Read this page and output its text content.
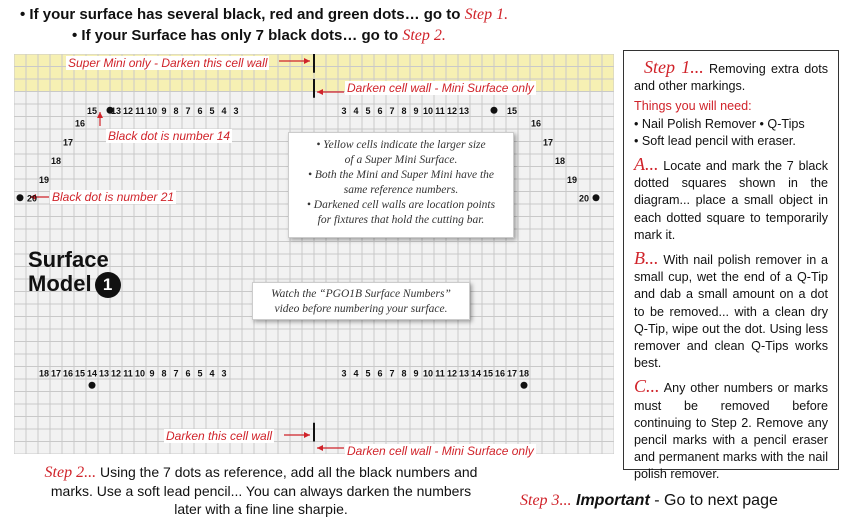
• If your surface has several black, red and green dots… go to Step 1.
• If your Surface has only 7 black dots… go to Step 2.
15 13 12 11 10 9 8 7 6 5 4 3	3 4 5 6 7 8 9 10 11 12 13	15
16
17
18
19
20
16
17
18
19
20
18 17 16 15 14 13 12 11 10 9 8 7 6 5 4 3	3 4 5 6 7 8 9 10 11 12 13 14 15 16 17 18
Super Mini only - Darken this cell wall
Darken cell wall - Mini Surface only
Black dot is number 14
Black dot is number 21
Darken this cell wall
Darken cell wall - Mini Surface only
• Yellow cells indicate the larger size
of a Super Mini Surface.
• Both the Mini and Super Mini have the
same reference numbers.
• Darkened cell walls are location points
for fixtures that hold the cutting bar.
Watch the “PGO1B Surface Numbers”
video before numbering your surface.
Surface
Model 1

Step 1... Removing extra dots and other markings.

Things you will need:

• Nail Polish Remover • Q-Tips

• Soft lead pencil with eraser.

A... Locate and mark the 7 black dotted squares shown in the diagram... place a small object in each dotted square to temporarily mark it.

B... With nail polish remover in a small cup, wet the end of a Q-Tip and dab a small amount on a dot to be removed... with a clean dry Q-Tip, wipe out the dot. Using less remover and clean Q-Tips works best.

C... Any other numbers or marks must be removed before continuing to Step 2. Remove any pencil marks with a pencil eraser and permanent marks with the nail polish remover.

Step 2... Using the 7 dots as reference, add all the black numbers and marks. Use a soft lead pencil... You can always darken the numbers later with a fine line sharpie.	Step 3... Important - Go to next page
